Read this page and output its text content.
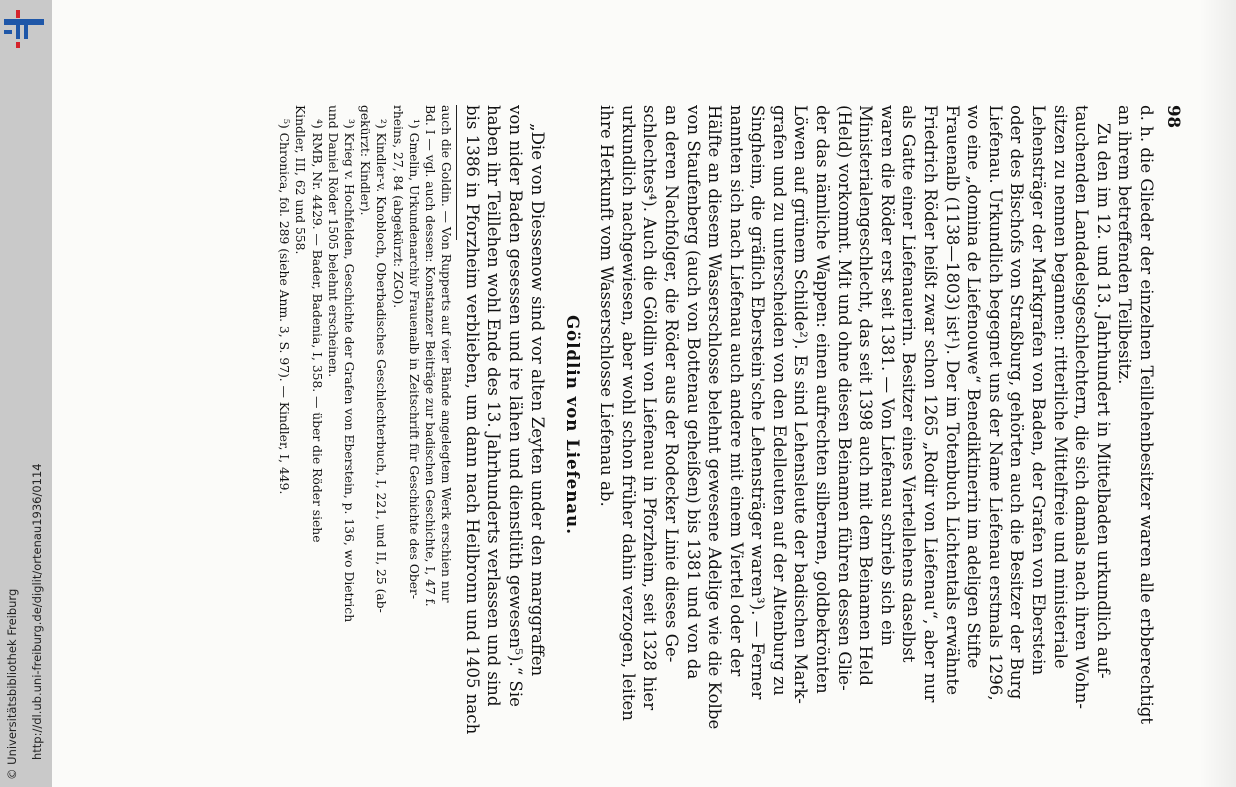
http://dl.ub.uni-freiburg.de/diglit/ortenau1936/0114
© Universitätsbibliothek Freiburg
98
d. h. die Glieder der einzelnen Teillehenbesitzer waren alle erbberechtigt
an ihrem betreffenden Teilbesitz.
Zu den im 12. und 13. Jahrhundert in Mittelbaden urkundlich auf-
tauchenden Landadelsgeschlechtern, die sich damals nach ihren Wohn-
sitzen zu nennen begannen: ritterliche Mittelfreie und ministeriale
Lehensträger der Markgrafen von Baden, der Grafen von Eberstein
oder des Bischofs von Straßburg, gehörten auch die Besitzer der Burg
Liefenau. Urkundlich begegnet uns der Name Liefenau erstmals 1296,
wo eine „domina de Liefenouwe“ Benediktinerin im adeligen Stifte
Frauenalb (1138—1803) ist¹). Der im Totenbuch Lichtentals erwähnte
Friedrich Röder heißt zwar schon 1265 „Rodir von Liefenau“, aber nur
als Gatte einer Liefenauerin. Besitzer eines Viertellehens daselbst
waren die Röder erst seit 1381. — Von Liefenau schrieb sich ein
Ministerialengeschlecht, das seit 1398 auch mit dem Beinamen Held
(Held) vorkommt. Mit und ohne diesen Beinamen führen dessen Glie-
der das nämliche Wappen: einen aufrechten silbernen, goldbekrönten
Löwen auf grünem Schilde²). Es sind Lehensleute der badischen Mark-
grafen und zu unterscheiden von den Edelleuten auf der Altenburg zu
Singheim, die gräflich Eberstein'sche Lehensträger waren³). — Ferner
nannten sich nach Liefenau auch andere mit einem Viertel oder der
Hälfte an diesem Wasserschlosse belehnt gewesene Adelige wie die Kolbe
von Staufenberg (auch von Bottenau geheißen) bis 1381 und von da
an deren Nachfolger, die Röder aus der Rodecker Linie dieses Ge-
schlechtes⁴). Auch die Göldlin von Liefenau in Pforzheim, seit 1328 hier
urkundlich nachgewiesen, aber wohl schon früher dahin verzogen, leiten
ihre Herkunft vom Wasserschlosse Liefenau ab.
Göldlin von Liefenau.
„Die von Diessenow sind vor alten Zeyten under den marggraffen
von nider Baden gesessen und ire lähen und dienstlüth gewesen⁵).“ Sie
haben ihr Teillehen wohl Ende des 13. Jahrhunderts verlassen und sind
bis 1386 in Pforzheim verblieben, um dann nach Heilbronn und 1405 nach
auch die Goldin. — Von Rupperts auf vier Bände angelegtem Werk erschien nur
Bd. I — vgl. auch dessen: Konstanzer Beiträge zur badischen Geschichte, I, 47 f.
¹) Gmelin, Urkundenarchiv Frauenalb in Zeitschrift für Geschichte des Ober-
rheins, 27, 84 (abgekürzt: ZGO).
²) Kindler-v. Knobloch, Oberbadisches Geschlechterbuch, I, 221, und II, 25 (ab-
gekürzt: Kindler).
³) Krieg v. Hochfelden, Geschichte der Grafen von Eberstein, p. 136, wo Dietrich
und Daniel Röder 1505 belehnt erscheinen.
⁴) RMB, Nr. 4429. — Bader, Badenia, I, 358. — über die Röder siehe
Kindler, III, 62 und 558.
⁵) Chronica, fol. 289 (siehe Anm. 3, S. 97). — Kindler, I, 449.
